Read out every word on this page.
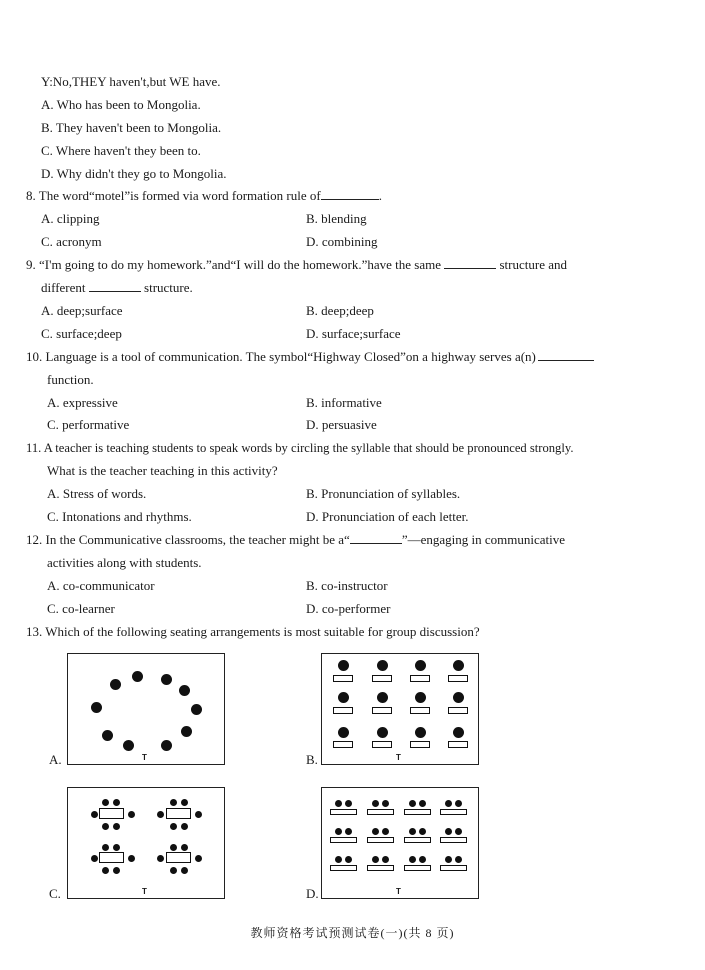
Y:No,THEY haven't,but WE have.
A. Who has been to Mongolia.
B. They haven't been to Mongolia.
C. Where haven't they been to.
D. Why didn't they go to Mongolia.
8. The word“motel”is formed via word formation rule of	.
A. clipping	B. blending
C. acronym	D. combining
9. “I'm going to do my homework.”and“I will do the homework.”have the same	structure and
different	structure.
A. deep;surface	B. deep;deep
C. surface;deep	D. surface;surface
10. Language is a tool of communication. The symbol“Highway Closed”on a highway serves a(n)
function.
A. expressive	B. informative
C. performative	D. persuasive
11. A teacher is teaching students to speak words by circling the syllable that should be pronounced strongly.
What is the teacher teaching in this activity?
A. Stress of words.	B. Pronunciation of syllables.
C. Intonations and rhythms.	D. Pronunciation of each letter.
12. In the Communicative classrooms, the teacher might be a“	”—engaging in communicative
activities along with students.
A. co-communicator	B. co-instructor
C. co-learner	D. co-performer
13. Which of the following seating arrangements is most suitable for group discussion?
A.	T	B.	T
C.	T	D.	T
教师资格考试预测试卷(一)(共 8 页)
